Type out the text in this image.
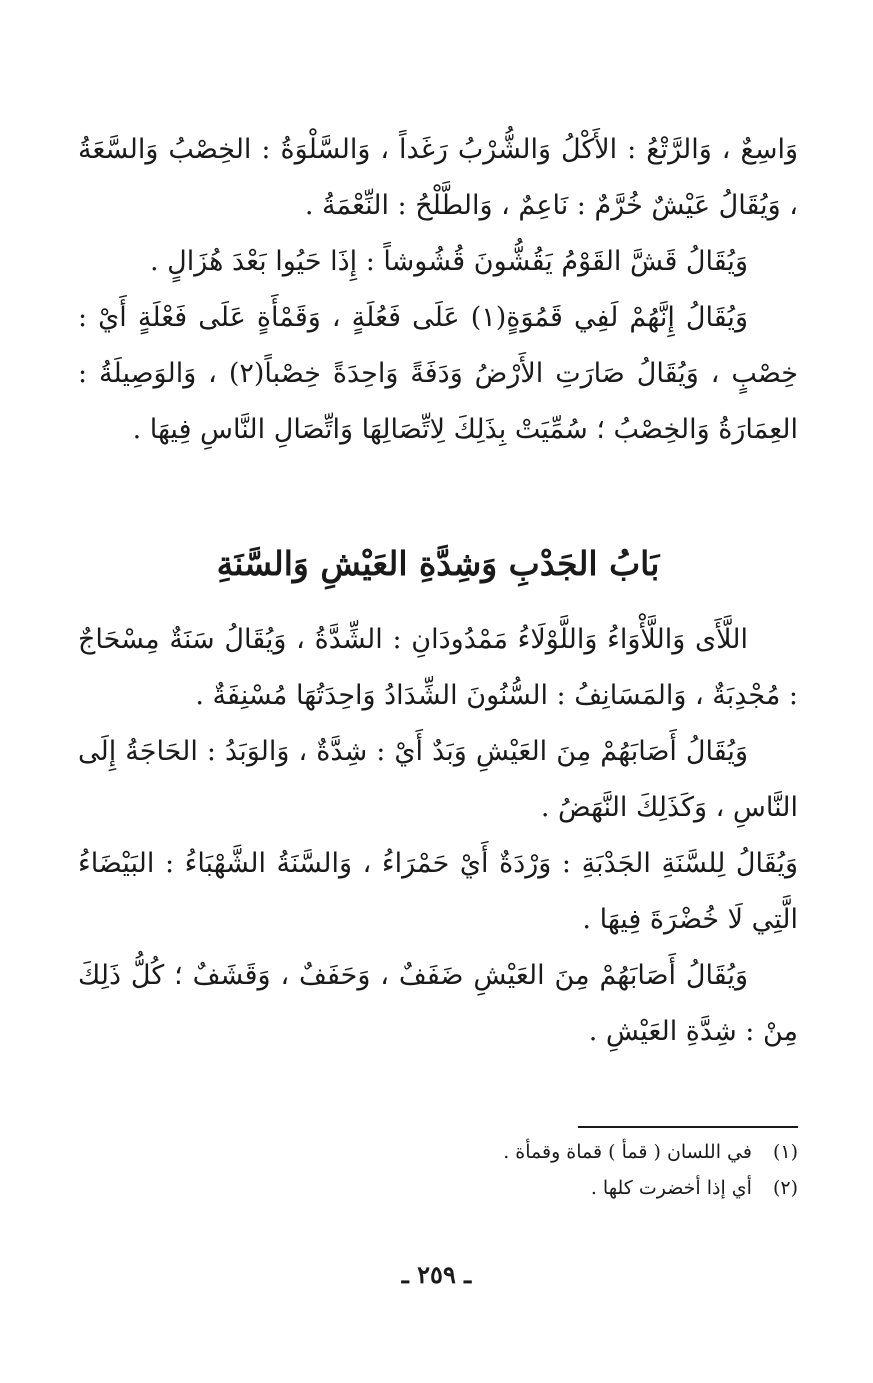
وَاسِعٌ ، وَالرَّتْعُ : الأَكْلُ وَالشُّرْبُ رَغَداً ، وَالسَّلْوَةُ : الخِصْبُ وَالسَّعَةُ ، وَيُقَالُ عَيْشٌ خُرَّمٌ : نَاعِمٌ ، وَالطَّلْحُ : النِّعْمَةُ .

وَيُقَالُ قَشَّ القَوْمُ يَقُشُّونَ قُشُوشاً : إِذَا حَيُوا بَعْدَ هُزَالٍ .

وَيُقَالُ إِنَّهُمْ لَفِي قَمُوَةٍ(١) عَلَى فَعُلَةٍ ، وَقَمْأَةٍ عَلَى فَعْلَةٍ أَيْ : خِصْبٍ ، وَيُقَالُ صَارَتِ الأَرْضُ وَدَفَةً وَاحِدَةً خِصْباً(٢) ، وَالوَصِيلَةُ : العِمَارَةُ وَالخِصْبُ ؛ سُمِّيَتْ بِذَلِكَ لِاتِّصَالِهَا وَاتِّصَالِ النَّاسِ فِيهَا .

بَابُ الجَدْبِ وَشِدَّةِ العَيْشِ وَالسَّنَةِ

اللَّأَى وَاللَّأْوَاءُ وَاللَّوْلَاءُ مَمْدُودَانِ : الشِّدَّةُ ، وَيُقَالُ سَنَةٌ مِسْحَاجٌ : مُجْدِبَةٌ ، وَالمَسَانِفُ : السُّنُونَ الشِّدَادُ وَاحِدَتُهَا مُسْنِفَةٌ .

وَيُقَالُ أَصَابَهُمْ مِنَ العَيْشِ وَبَدٌ أَيْ : شِدَّةٌ ، وَالوَبَدُ : الحَاجَةُ إِلَى النَّاسِ ، وَكَذَلِكَ النَّهَضُ .

وَيُقَالُ لِلسَّنَةِ الجَدْبَةِ : وَرْدَةٌ أَيْ حَمْرَاءُ ، وَالسَّنَةُ الشَّهْبَاءُ : البَيْضَاءُ الَّتِي لَا خُضْرَةَ فِيهَا .

وَيُقَالُ أَصَابَهُمْ مِنَ العَيْشِ ضَفَفٌ ، وَحَفَفٌ ، وَقَشَفٌ ؛ كُلُّ ذَلِكَ مِنْ : شِدَّةِ العَيْشِ .

(١) في اللسان ( قمأ ) قماة وقمأة .

(٢) أي إذا أخضرت كلها .

ـ ٢٥٩ ـ
